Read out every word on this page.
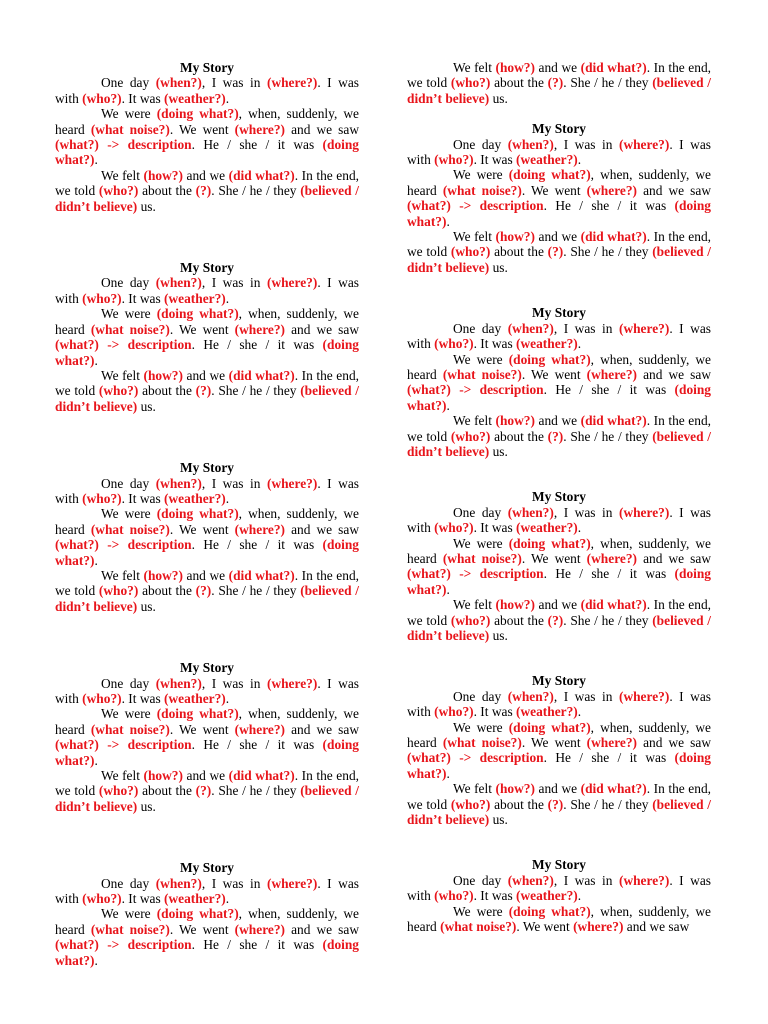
My Story

One day (when?), I was in (where?). I was with (who?). It was (weather?).

We were (doing what?), when, suddenly, we heard (what noise?). We went (where?) and we saw (what?) -> description. He / she / it was (doing what?).

We felt (how?) and we (did what?). In the end, we told (who?) about the (?). She / he / they (believed / didn’t believe) us.

My Story

One day (when?), I was in (where?). I was with (who?). It was (weather?).

We were (doing what?), when, suddenly, we heard (what noise?). We went (where?) and we saw (what?) -> description. He / she / it was (doing what?).

We felt (how?) and we (did what?). In the end, we told (who?) about the (?). She / he / they (believed / didn’t believe) us.

My Story

One day (when?), I was in (where?). I was with (who?). It was (weather?).

We were (doing what?), when, suddenly, we heard (what noise?). We went (where?) and we saw (what?) -> description. He / she / it was (doing what?).

We felt (how?) and we (did what?). In the end, we told (who?) about the (?). She / he / they (believed / didn’t believe) us.

My Story

One day (when?), I was in (where?). I was with (who?). It was (weather?).

We were (doing what?), when, suddenly, we heard (what noise?). We went (where?) and we saw (what?) -> description. He / she / it was (doing what?).

We felt (how?) and we (did what?). In the end, we told (who?) about the (?). She / he / they (believed / didn’t believe) us.

My Story

One day (when?), I was in (where?). I was with (who?). It was (weather?).

We were (doing what?), when, suddenly, we heard (what noise?). We went (where?) and we saw (what?) -> description. He / she / it was (doing what?).

We felt (how?) and we (did what?). In the end, we told (who?) about the (?). She / he / they (believed / didn’t believe) us.

My Story

One day (when?), I was in (where?). I was with (who?). It was (weather?).

We were (doing what?), when, suddenly, we heard (what noise?). We went (where?) and we saw (what?) -> description. He / she / it was (doing what?).

We felt (how?) and we (did what?). In the end, we told (who?) about the (?). She / he / they (believed / didn’t believe) us.

My Story

One day (when?), I was in (where?). I was with (who?). It was (weather?).

We were (doing what?), when, suddenly, we heard (what noise?). We went (where?) and we saw (what?) -> description. He / she / it was (doing what?).

We felt (how?) and we (did what?). In the end, we told (who?) about the (?). She / he / they (believed / didn’t believe) us.

My Story

One day (when?), I was in (where?). I was with (who?). It was (weather?).

We were (doing what?), when, suddenly, we heard (what noise?). We went (where?) and we saw (what?) -> description. He / she / it was (doing what?).

We felt (how?) and we (did what?). In the end, we told (who?) about the (?). She / he / they (believed / didn’t believe) us.

My Story

One day (when?), I was in (where?). I was with (who?). It was (weather?).

We were (doing what?), when, suddenly, we heard (what noise?). We went (where?) and we saw (what?) -> description. He / she / it was (doing what?).

We felt (how?) and we (did what?). In the end, we told (who?) about the (?). She / he / they (believed / didn’t believe) us.

My Story

One day (when?), I was in (where?). I was with (who?). It was (weather?).

We were (doing what?), when, suddenly, we heard (what noise?). We went (where?) and we saw
